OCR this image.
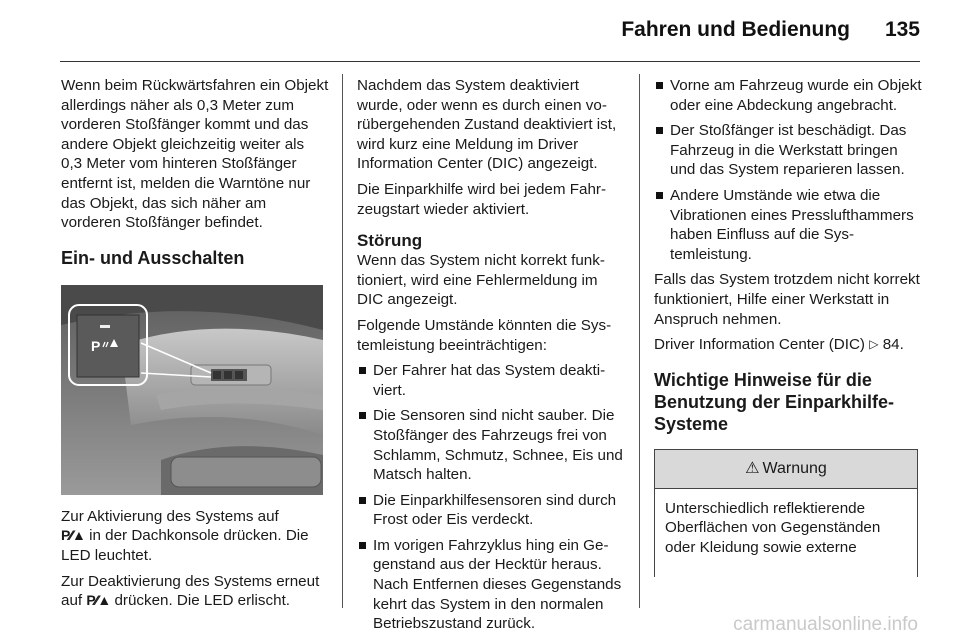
Fahren und Bedienung 135

Wenn beim Rückwärtsfahren ein Objekt allerdings näher als 0,3 Meter zum vorderen Stoßfänger kommt und das andere Objekt gleichzeitig weiter als 0,3 Meter vom hinteren Stoßfänger entfernt ist, melden die Warntöne nur das Objekt, das sich näher am vorderen Stoßfänger befindet.

Ein- und Ausschalten
P

Zur Aktivierung des Systems auf
P⁄⁄▲ in der Dachkonsole drücken. Die LED leuchtet.

Zur Deaktivierung des Systems erneut auf P⁄⁄▲ drücken. Die LED erlischt.

Nachdem das System deaktiviert wurde, oder wenn es durch einen vorübergehenden Zustand deaktiviert ist, wird kurz eine Meldung im Driver Information Center (DIC) angezeigt.

Die Einparkhilfe wird bei jedem Fahrzeugstart wieder aktiviert.

Störung

Wenn das System nicht korrekt funktioniert, wird eine Fehlermeldung im DIC angezeigt.

Folgende Umstände könnten die Systemleistung beeinträchtigen:

Der Fahrer hat das System deaktiviert.
Die Sensoren sind nicht sauber. Die Stoßfänger des Fahrzeugs frei von Schlamm, Schmutz, Schnee, Eis und Matsch halten.
Die Einparkhilfesensoren sind durch Frost oder Eis verdeckt.
Im vorigen Fahrzyklus hing ein Gegenstand aus der Hecktür heraus. Nach Entfernen dieses Gegenstands kehrt das System in den normalen Betriebszustand zurück.
Vorne am Fahrzeug wurde ein Objekt oder eine Abdeckung angebracht.
Der Stoßfänger ist beschädigt. Das Fahrzeug in die Werkstatt bringen und das System reparieren lassen.
Andere Umstände wie etwa die Vibrationen eines Presslufthammers haben Einfluss auf die Systemleistung.

Falls das System trotzdem nicht korrekt funktioniert, Hilfe einer Werkstatt in Anspruch nehmen.

Driver Information Center (DIC) ▷ 84.

Wichtige Hinweise für die Benutzung der Einparkhilfe-Systeme
⚠ Warnung
Unterschiedlich reflektierende Oberflächen von Gegenständen oder Kleidung sowie externe
carmanualsonline.info
